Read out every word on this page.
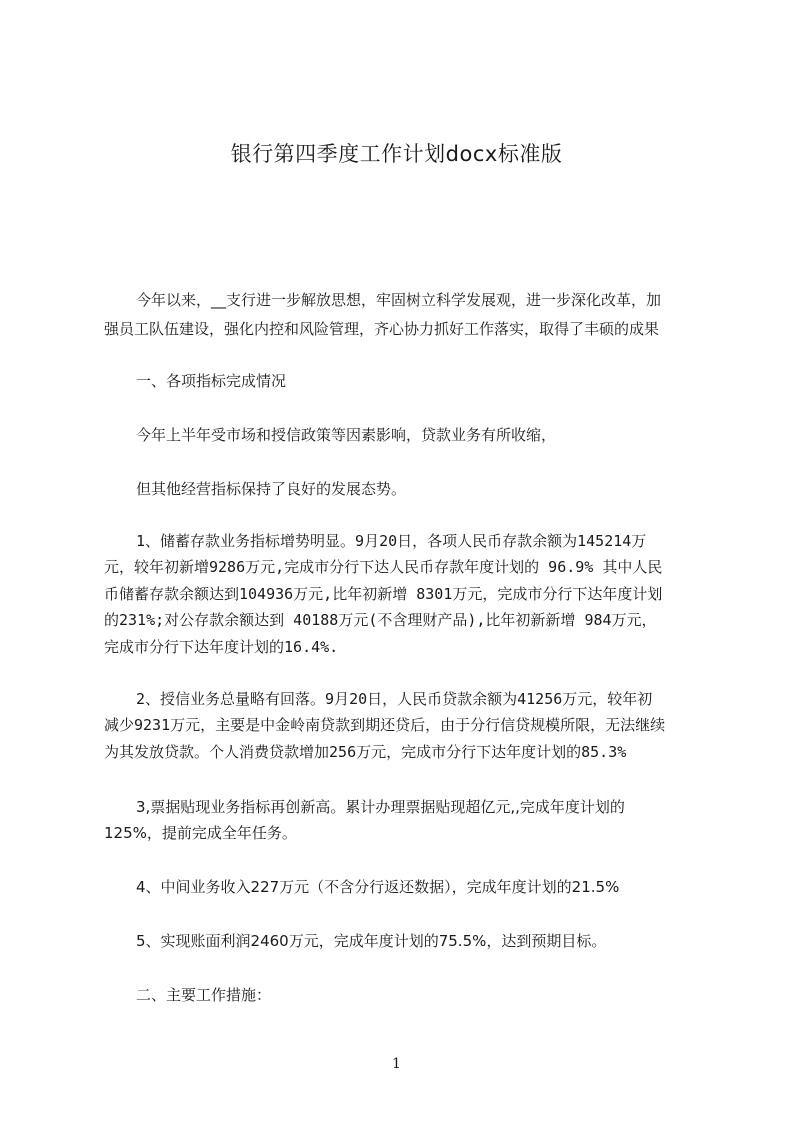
银行第四季度工作计划docx标准版
今年以来，__支行进一步解放思想，牢固树立科学发展观，进一步深化改革，加
强员工队伍建设，强化内控和风险管理，齐心协力抓好工作落实，取得了丰硕的成果
一、各项指标完成情况
今年上半年受市场和授信政策等因素影响，贷款业务有所收缩，
但其他经营指标保持了良好的发展态势。
1、储蓄存款业务指标增势明显。9月20日，各项人民币存款余额为145214万
元，较年初新增9286万元,完成市分行下达人民币存款年度计划的 96.9% 其中人民
币储蓄存款余额达到104936万元,比年初新增 8301万元，完成市分行下达年度计划
的231%;对公存款余额达到 40188万元(不含理财产品),比年初新新增 984万元，
完成市分行下达年度计划的16.4%.
2、授信业务总量略有回落。9月20日，人民币贷款余额为41256万元，较年初
减少9231万元，主要是中金岭南贷款到期还贷后，由于分行信贷规模所限，无法继续
为其发放贷款。个人消费贷款增加256万元，完成市分行下达年度计划的85.3%
3,票据贴现业务指标再创新高。累计办理票据贴现超亿元,,完成年度计划的
125%，提前完成全年任务。
4、中间业务收入227万元（不含分行返还数据），完成年度计划的21.5%
5、实现账面利润2460万元，完成年度计划的75.5%，达到预期目标。
二、主要工作措施：
1
